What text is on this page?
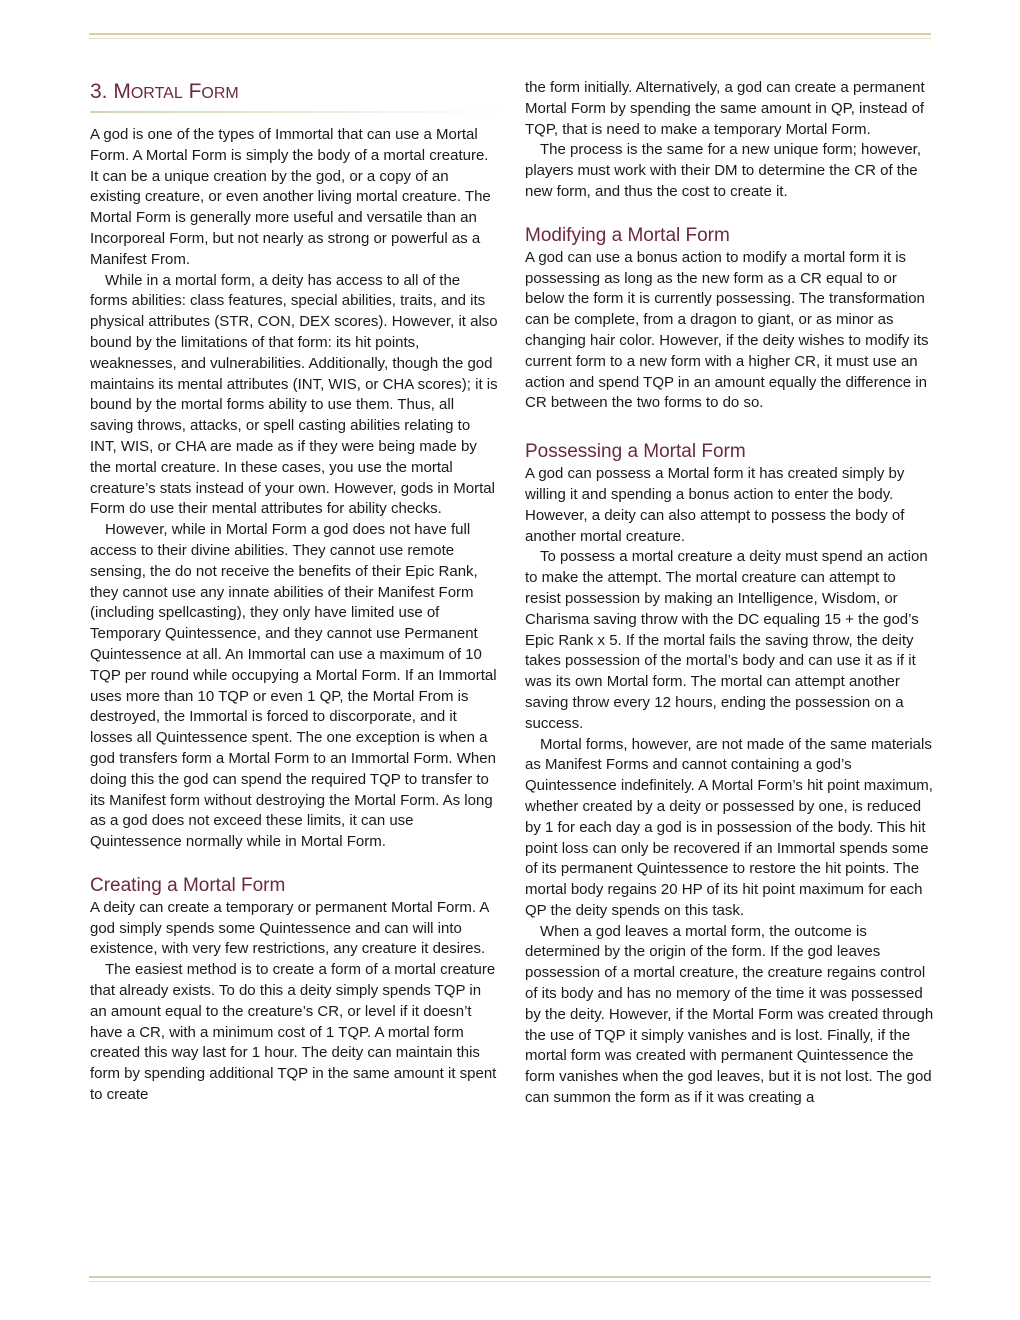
3. MORTAL FORM

A god is one of the types of Immortal that can use a Mortal Form. A Mortal Form is simply the body of a mortal creature. It can be a unique creation by the god, or a copy of an existing creature, or even another living mortal creature. The Mortal Form is generally more useful and versatile than an Incorporeal Form, but not nearly as strong or powerful as a Manifest From.

While in a mortal form, a deity has access to all of the forms abilities: class features, special abilities, traits, and its physical attributes (STR, CON, DEX scores). However, it also bound by the limitations of that form: its hit points, weaknesses, and vulnerabilities. Additionally, though the god maintains its mental attributes (INT, WIS, or CHA scores); it is bound by the mortal forms ability to use them. Thus, all saving throws, attacks, or spell casting abilities relating to INT, WIS, or CHA are made as if they were being made by the mortal creature. In these cases, you use the mortal creature’s stats instead of your own. However, gods in Mortal Form do use their mental attributes for ability checks.

However, while in Mortal Form a god does not have full access to their divine abilities. They cannot use remote sensing, the do not receive the benefits of their Epic Rank, they cannot use any innate abilities of their Manifest Form (including spellcasting), they only have limited use of Temporary Quintessence, and they cannot use Permanent Quintessence at all. An Immortal can use a maximum of 10 TQP per round while occupying a Mortal Form. If an Immortal uses more than 10 TQP or even 1 QP, the Mortal From is destroyed, the Immortal is forced to discorporate, and it losses all Quintessence spent. The one exception is when a god transfers form a Mortal Form to an Immortal Form. When doing this the god can spend the required TQP to transfer to its Manifest form without destroying the Mortal Form. As long as a god does not exceed these limits, it can use Quintessence normally while in Mortal Form.

Creating a Mortal Form

A deity can create a temporary or permanent Mortal Form. A god simply spends some Quintessence and can will into existence, with very few restrictions, any creature it desires.

The easiest method is to create a form of a mortal creature that already exists. To do this a deity simply spends TQP in an amount equal to the creature’s CR, or level if it doesn’t have a CR, with a minimum cost of 1 TQP. A mortal form created this way last for 1 hour. The deity can maintain this form by spending additional TQP in the same amount it spent to create

the form initially. Alternatively, a god can create a permanent Mortal Form by spending the same amount in QP, instead of TQP, that is need to make a temporary Mortal Form.

The process is the same for a new unique form; however, players must work with their DM to determine the CR of the new form, and thus the cost to create it.

Modifying a Mortal Form

A god can use a bonus action to modify a mortal form it is possessing as long as the new form as a CR equal to or below the form it is currently possessing. The transformation can be complete, from a dragon to giant, or as minor as changing hair color. However, if the deity wishes to modify its current form to a new form with a higher CR, it must use an action and spend TQP in an amount equally the difference in CR between the two forms to do so.

Possessing a Mortal Form

A god can possess a Mortal form it has created simply by willing it and spending a bonus action to enter the body. However, a deity can also attempt to possess the body of another mortal creature.

To possess a mortal creature a deity must spend an action to make the attempt. The mortal creature can attempt to resist possession by making an Intelligence, Wisdom, or Charisma saving throw with the DC equaling 15 + the god’s Epic Rank x 5. If the mortal fails the saving throw, the deity takes possession of the mortal’s body and can use it as if it was its own Mortal form. The mortal can attempt another saving throw every 12 hours, ending the possession on a success.

Mortal forms, however, are not made of the same materials as Manifest Forms and cannot containing a god’s Quintessence indefinitely. A Mortal Form’s hit point maximum, whether created by a deity or possessed by one, is reduced by 1 for each day a god is in possession of the body. This hit point loss can only be recovered if an Immortal spends some of its permanent Quintessence to restore the hit points. The mortal body regains 20 HP of its hit point maximum for each QP the deity spends on this task.

When a god leaves a mortal form, the outcome is determined by the origin of the form. If the god leaves possession of a mortal creature, the creature regains control of its body and has no memory of the time it was possessed by the deity. However, if the Mortal Form was created through the use of TQP it simply vanishes and is lost. Finally, if the mortal form was created with permanent Quintessence the form vanishes when the god leaves, but it is not lost. The god can summon the form as if it was creating a
